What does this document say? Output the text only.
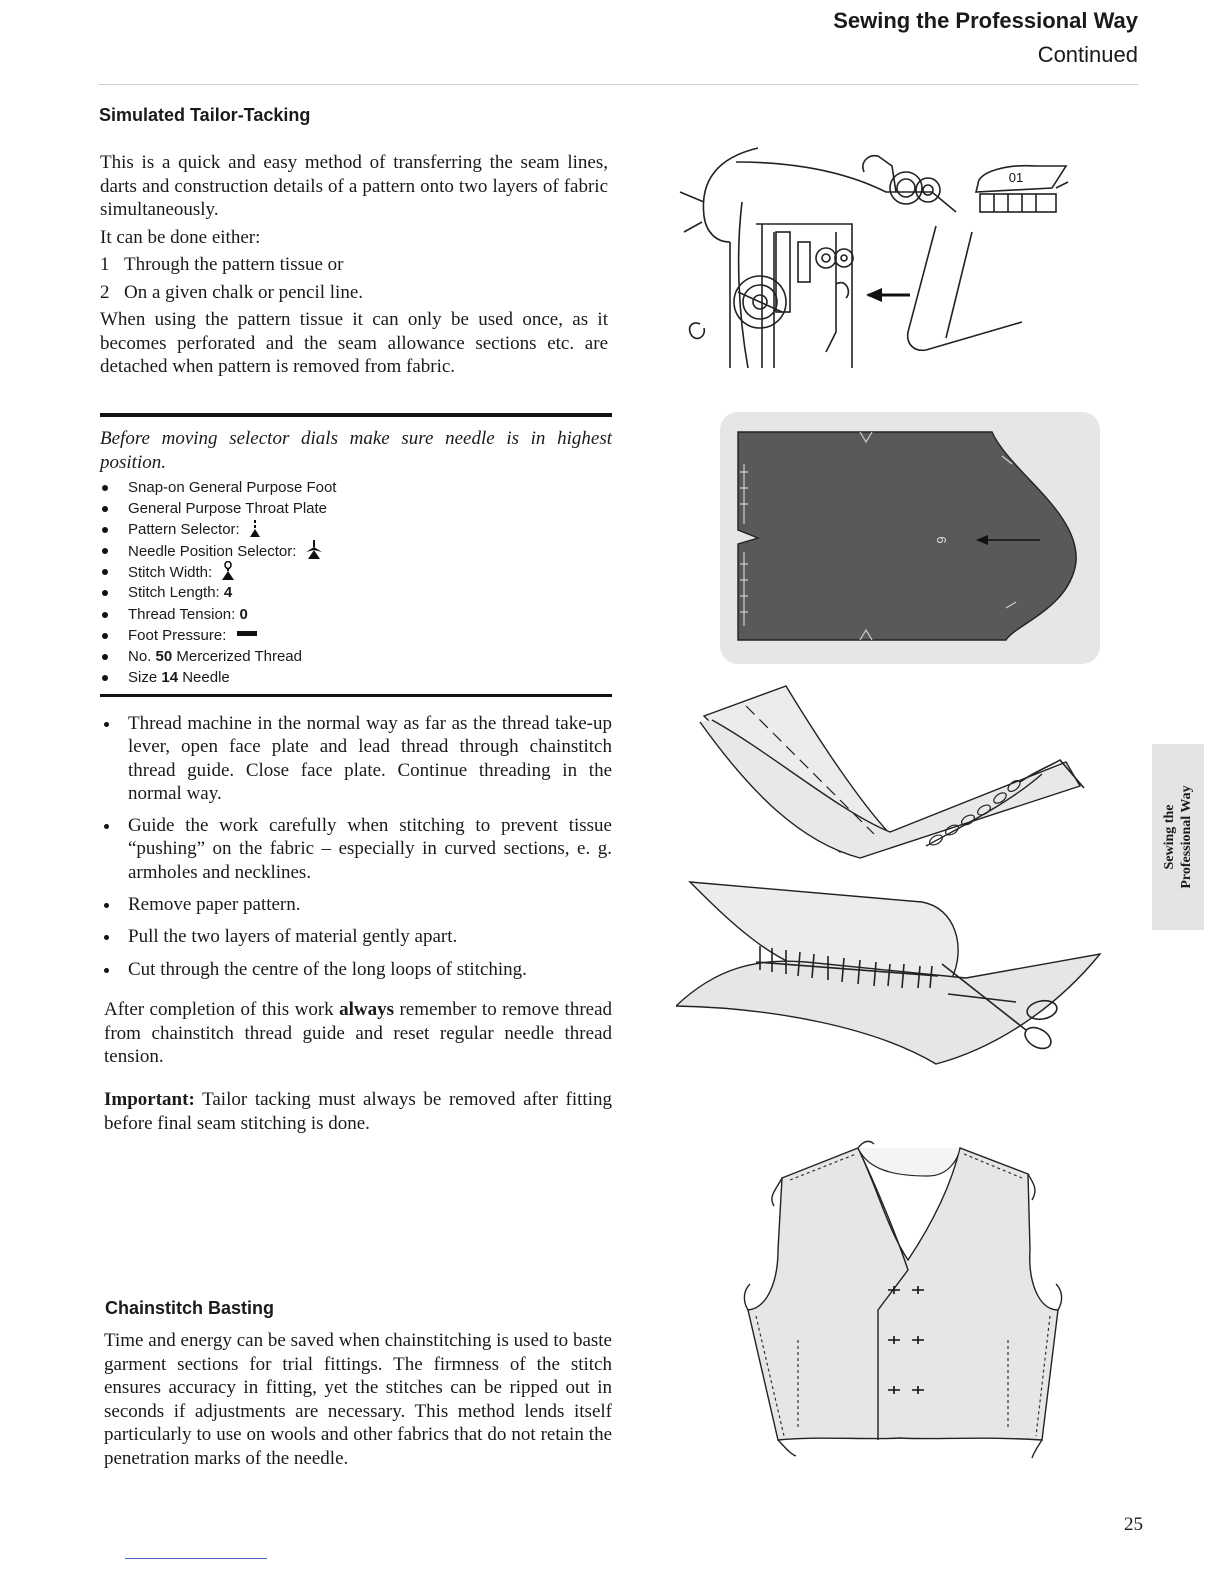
Sewing the Professional Way
Continued
Simulated Tailor-Tacking

This is a quick and easy method of transferring the seam lines, darts and construction details of a pattern onto two layers of fabric simultaneously.

It can be done either:

1 Through the pattern tissue or
2 On a given chalk or pencil line.

When using the pattern tissue it can only be used once, as it becomes perforated and the seam allowance sections etc. are detached when pattern is removed from fabric.

Before moving selector dials make sure needle is in highest position.
Snap-on General Purpose Foot
General Purpose Throat Plate
Pattern Selector:
Needle Position Selector:
Stitch Width:
Stitch Length: 4
Thread Tension: 0
Foot Pressure:
No. 50 Mercerized Thread
Size 14 Needle
Thread machine in the normal way as far as the thread take-up lever, open face plate and lead thread through chainstitch thread guide. Close face plate. Continue threading in the normal way.
Guide the work carefully when stitching to prevent tissue “pushing” on the fabric – especially in curved sections, e. g. armholes and necklines.
Remove paper pattern.
Pull the two layers of material gently apart.
Cut through the centre of the long loops of stitching.
After completion of this work always remember to remove thread from chainstitch thread guide and reset regular needle thread tension.
Important: Tailor tacking must always be removed after fitting before final seam stitching is done.
Chainstitch Basting
Time and energy can be saved when chainstitching is used to baste garment sections for trial fittings. The firmness of the stitch ensures accuracy in fitting, yet the stitches can be ripped out in seconds if adjustments are necessary. This method lends itself particularly to use on wools and other fabrics that do not retain the penetration marks of the needle.
01
6
Sewing the Professional Way
25
